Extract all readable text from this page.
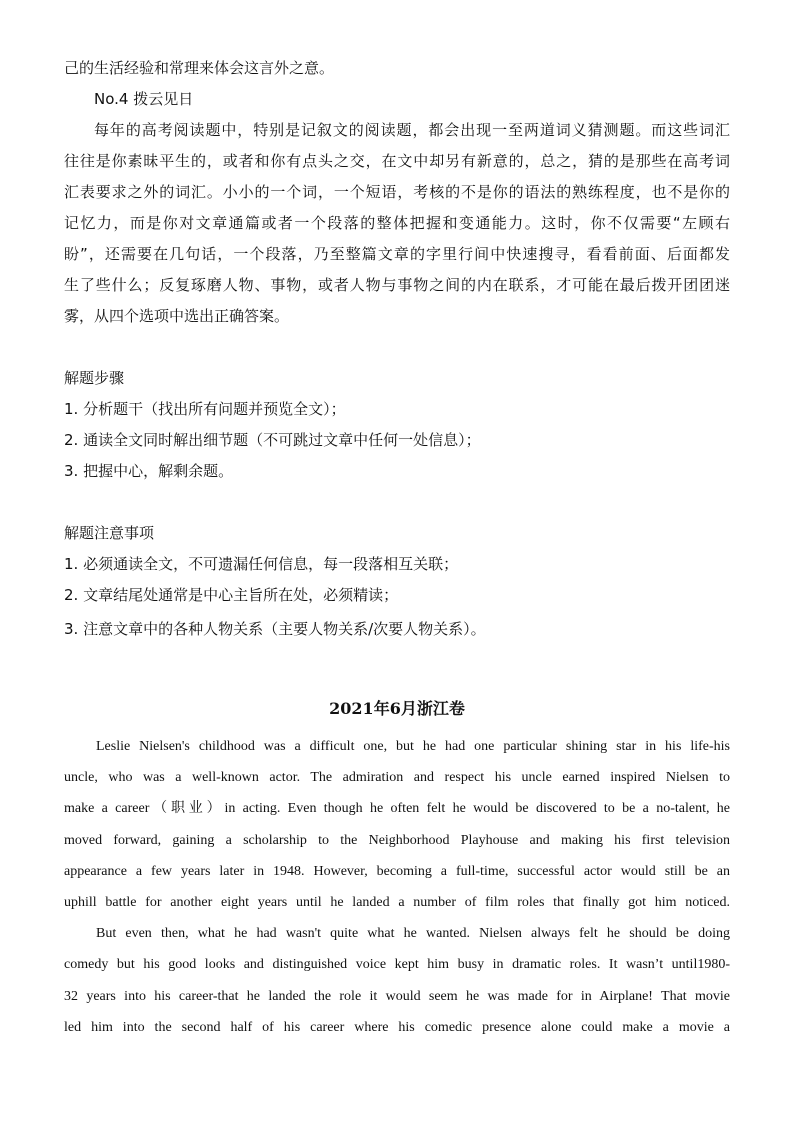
己的生活经验和常理来体会这言外之意。

No.4 拨云见日

每年的高考阅读题中，特别是记叙文的阅读题，都会出现一至两道词义猜测题。而这些词汇

往往是你素昧平生的，或者和你有点头之交，在文中却另有新意的，总之，猜的是那些在高考词

汇表要求之外的词汇。小小的一个词，一个短语，考核的不是你的语法的熟练程度，也不是你的

记忆力，而是你对文章通篇或者一个段落的整体把握和变通能力。这时，你不仅需要“左顾右

盼”，还需要在几句话，一个段落，乃至整篇文章的字里行间中快速搜寻，看看前面、后面都发

生了些什么；反复琢磨人物、事物，或者人物与事物之间的内在联系，才可能在最后拨开团团迷

雾，从四个选项中选出正确答案。

解题步骤

1. 分析题干（找出所有问题并预览全文）；

2. 通读全文同时解出细节题（不可跳过文章中任何一处信息）；

3. 把握中心，解剩余题。

解题注意事项

1. 必须通读全文，不可遗漏任何信息，每一段落相互关联；

2. 文章结尾处通常是中心主旨所在处，必须精读；

3. 注意文章中的各种人物关系（主要人物关系/次要人物关系）。

2021年6月浙江卷
Leslie Nielsen's childhood was a difficult one, but he had one particular shining star in his life-his
uncle, who was a well-known actor. The admiration and respect his uncle earned inspired Nielsen to
make a career（职业）in acting. Even though he often felt he would be discovered to be a no-talent, he
moved forward, gaining a scholarship to the Neighborhood Playhouse and making his first television
appearance a few years later in 1948. However, becoming a full-time, successful actor would still be an
uphill battle for another eight years until he landed a number of film roles that finally got him noticed.
But even then, what he had wasn't quite what he wanted. Nielsen always felt he should be doing
comedy but his good looks and distinguished voice kept him busy in dramatic roles. It wasn’t until1980-
32 years into his career-that he landed the role it would seem he was made for in Airplane! That movie
led him into the second half of his career where his comedic presence alone could make a movie a
